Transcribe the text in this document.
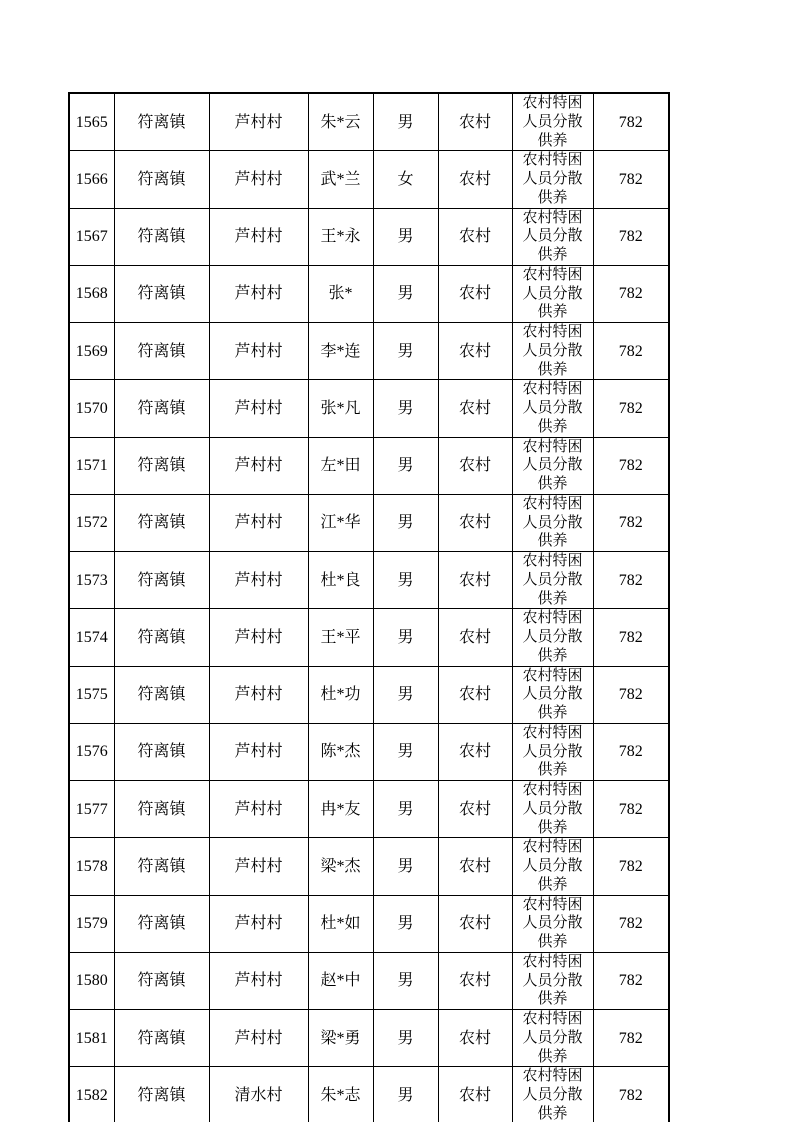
1565	符离镇	芦村村	朱*云	男	农村	农村特困人员分散供养	782
1566	符离镇	芦村村	武*兰	女	农村	农村特困人员分散供养	782
1567	符离镇	芦村村	王*永	男	农村	农村特困人员分散供养	782
1568	符离镇	芦村村	张*	男	农村	农村特困人员分散供养	782
1569	符离镇	芦村村	李*连	男	农村	农村特困人员分散供养	782
1570	符离镇	芦村村	张*凡	男	农村	农村特困人员分散供养	782
1571	符离镇	芦村村	左*田	男	农村	农村特困人员分散供养	782
1572	符离镇	芦村村	江*华	男	农村	农村特困人员分散供养	782
1573	符离镇	芦村村	杜*良	男	农村	农村特困人员分散供养	782
1574	符离镇	芦村村	王*平	男	农村	农村特困人员分散供养	782
1575	符离镇	芦村村	杜*功	男	农村	农村特困人员分散供养	782
1576	符离镇	芦村村	陈*杰	男	农村	农村特困人员分散供养	782
1577	符离镇	芦村村	冉*友	男	农村	农村特困人员分散供养	782
1578	符离镇	芦村村	梁*杰	男	农村	农村特困人员分散供养	782
1579	符离镇	芦村村	杜*如	男	农村	农村特困人员分散供养	782
1580	符离镇	芦村村	赵*中	男	农村	农村特困人员分散供养	782
1581	符离镇	芦村村	梁*勇	男	农村	农村特困人员分散供养	782
1582	符离镇	清水村	朱*志	男	农村	农村特困人员分散供养	782
